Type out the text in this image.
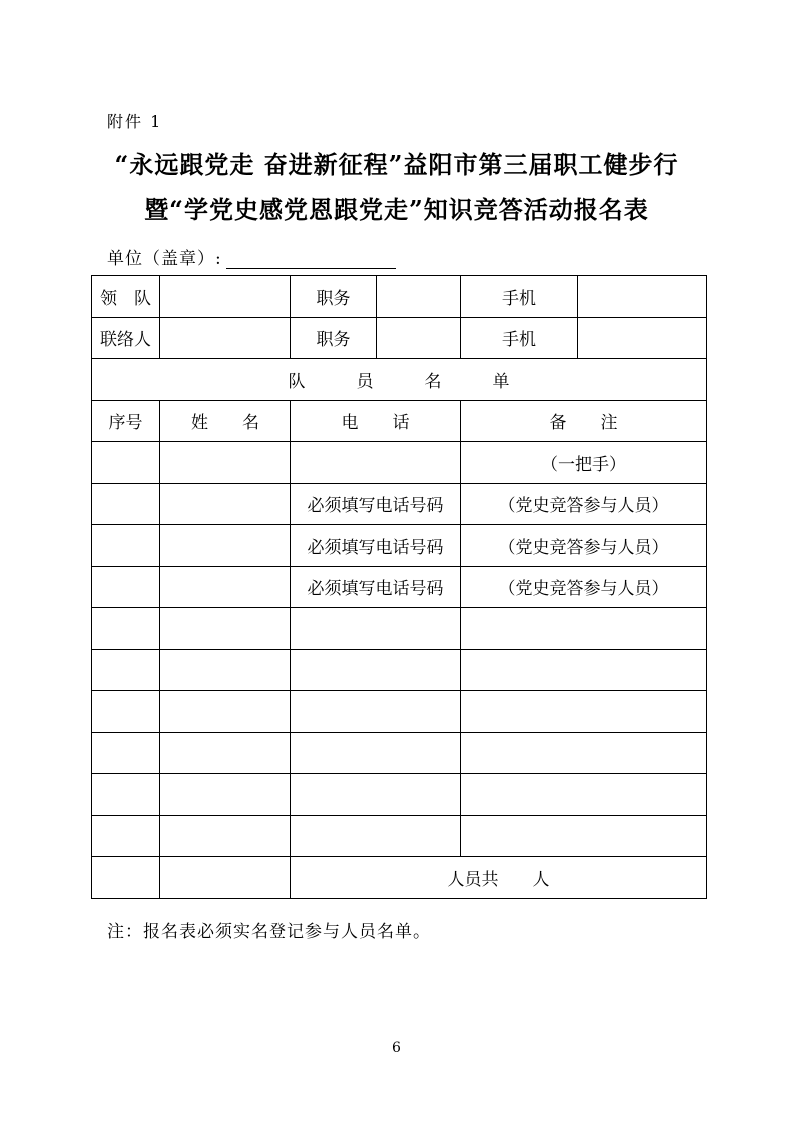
附件 1
“永远跟党走 奋进新征程”益阳市第三届职工健步行
暨“学党史感党恩跟党走”知识竞答活动报名表
单位（盖章）:
领　队		职务		手机	
联络人		职务		手机	
队　　　员　　　名　　　单					
序号	姓　　名	电　　话		备　　注	
				（一把手）	
		必须填写电话号码		（党史竞答参与人员）	
		必须填写电话号码		（党史竞答参与人员）	
		必须填写电话号码		（党史竞答参与人员）	

		人员共　　人			
注：报名表必须实名登记参与人员名单。
6
